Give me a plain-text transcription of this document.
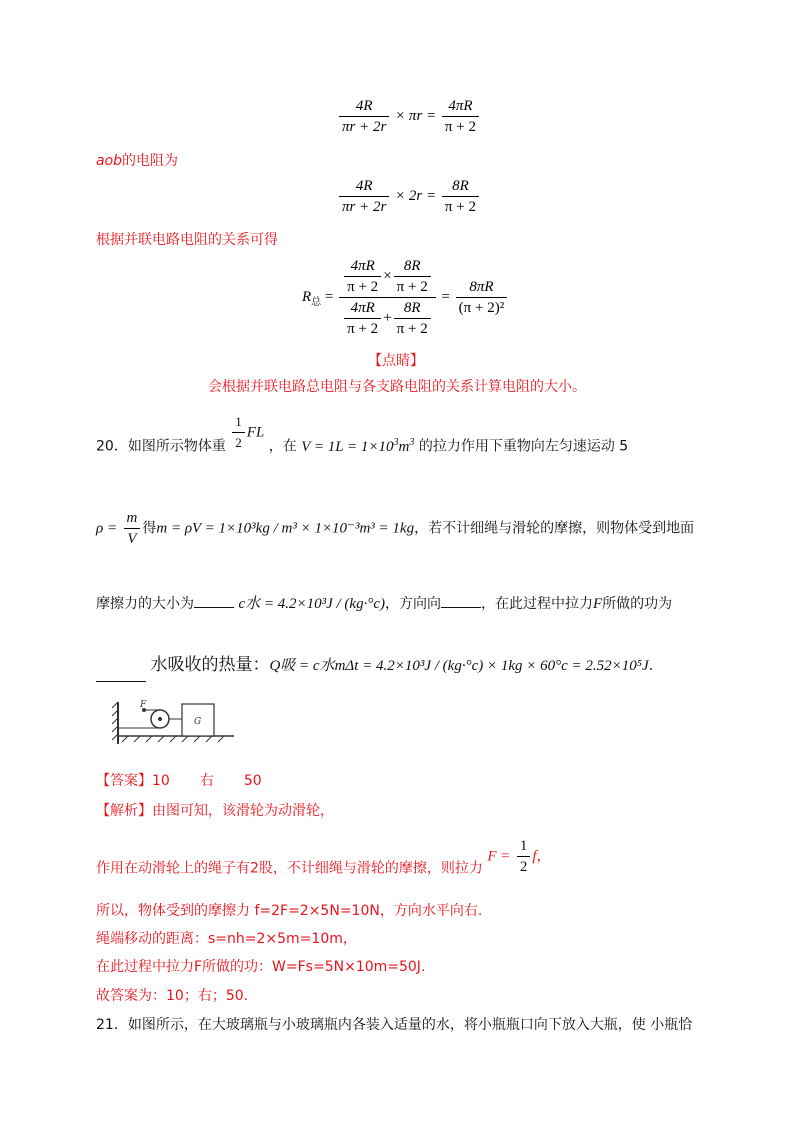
$\frac{4R}{\pi r + 2r} \times \pi r = \frac{4\pi R}{\pi + 2}$
aob的电阻为
$\frac{4R}{\pi r + 2r} \times 2r = \frac{8R}{\pi + 2}$
根据并联电路电阻的关系可得
$R_总 = \frac{\frac{4\pi R}{\pi + 2} \times \frac{8R}{\pi + 2}}{\frac{4\pi R}{\pi + 2} + \frac{8R}{\pi + 2}} = \frac{8\pi R}{\text{(π + 2)²}}$
【点睛】
会根据并联电路总电阻与各支路电阻的关系计算电阻的大小。
20．如图所示物体重 $\frac{1}{2}$ FL ，在 $V = 1L = 1\times 10^3m^3$ 的拉力作用下重物向左匀速运动 5
$\rho = \frac{m}{V}$ 得m = ρV = 1×10³kg / m³ × 1×10⁻³m³ = 1kg，若不计细绳与滑轮的摩擦，则物体受到地面
摩擦力的大小为	c水 = 4.2×10³J / (kg·°c)，方向向	，在此过程中拉力F所做的功为
水吸收的热量：Q吸 = c水mΔt = 4.2×10³J / (kg·°c) × 1kg × 60°c = 2.52×10⁵J.
F
G
【答案】10 右 50
【解析】由图可知，该滑轮为动滑轮，
作用在动滑轮上的绳子有2股，不计细绳与滑轮的摩擦，则拉力 $F = \frac{1}{2}$ f，
所以，物体受到的摩擦力 f=2F=2×5N=10N，方向水平向右.
绳端移动的距离：s=nh=2×5m=10m，
在此过程中拉力F所做的功：W=Fs=5N×10m=50J.
故答案为：10；右；50.
21．如图所示，在大玻璃瓶与小玻璃瓶内各装入适量的水，将小瓶瓶口向下放入大瓶，使 小瓶恰
